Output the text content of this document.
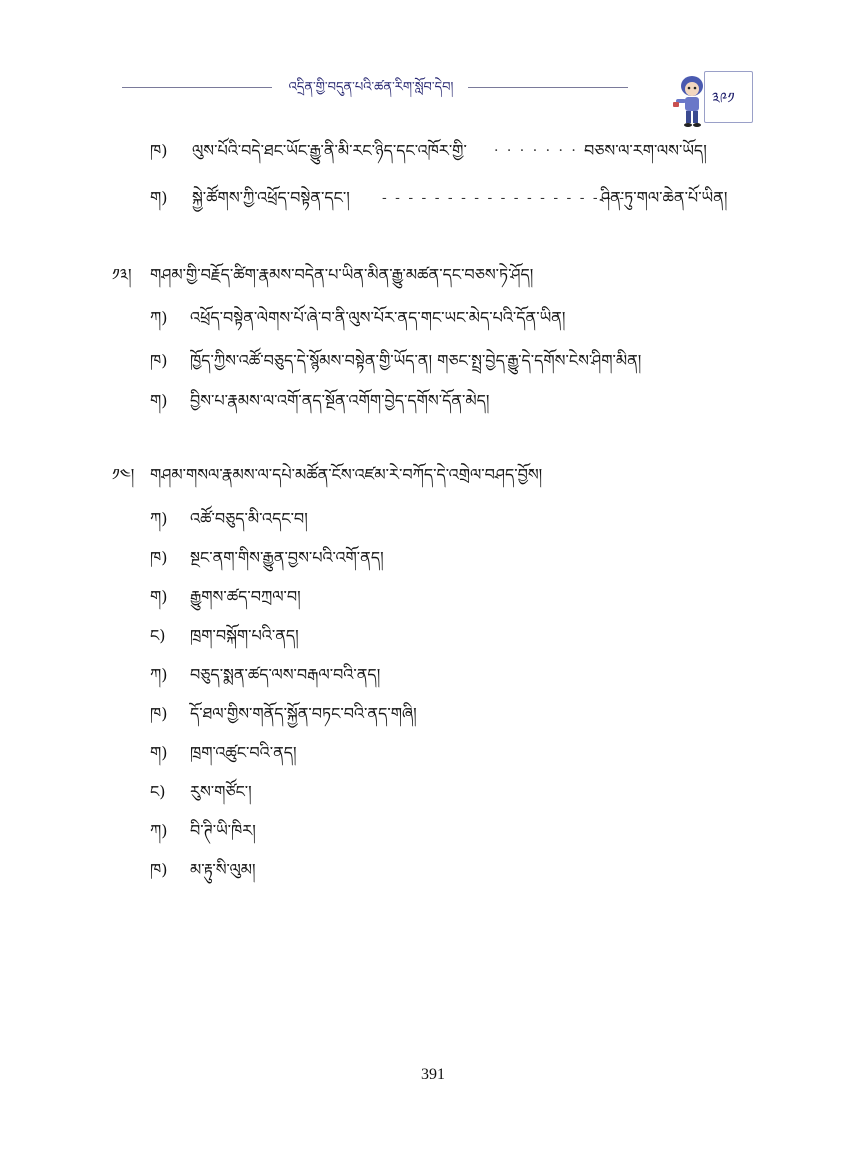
འདྲིན་གྱི་བདུན་པའི་ཚན་རིག་སློབ་དེབ།
༣༩༡
ཁ) ལུས་པོའི་བདེ་ཐང་ཡོང་རྒྱུ་ནི་མི་རང་ཉིད་དང་འཁོར་གྱི་	· · · · · · · ·
བཅས་ལ་རག་ལས་ཡོད།
ག) སྐྱེ་ཚོགས་ཀྱི་འཕྲོད་བསྟེན་དང་།	- - - - - - - - - - - - - - - - - - -
ཤིན་ཏུ་གལ་ཆེན་པོ་ཡིན།
༡༣། གཤམ་གྱི་བརྗོད་ཚིག་རྣམས་བདེན་པ་ཡིན་མིན་རྒྱུ་མཚན་དང་བཅས་ཏེ་ཤོད།
ཀ) འཕྲོད་བསྟེན་ལེགས་པོ་ཞེ་བ་ནི་ལུས་པོར་ནད་གང་ཡང་མེད་པའི་དོན་ཡིན།
ཁ) ཁྱོད་ཀྱིས་འཚོ་བཅུད་དེ་སྙོམས་བསྟེན་གྱི་ཡོད་ན། གཅང་སྤྲ་བྱེད་རྒྱུ་དེ་དགོས་ངེས་ཤིག་མིན།
ག) བྱིས་པ་རྣམས་ལ་འགོ་ནད་སྔོན་འགོག་བྱེད་དགོས་དོན་མེད།
༡༤། གཤམ་གསལ་རྣམས་ལ་དཔེ་མཚོན་ངོས་འཛམ་རེ་བཀོད་དེ་འགྲེལ་བཤད་བྱོས།
ཀ) འཚོ་བཅུད་མི་འདང་བ།
ཁ) སྔང་ནག་གིས་རྒྱུན་བྱས་པའི་འགོ་ནད།
ག) རྒྱུགས་ཚད་བཀྲལ་བ།
ང) ཁྲག་བསྐོག་པའི་ནད།
ཀ) བཅུད་སྨན་ཚད་ལས་བརྒལ་བའི་ནད།
ཁ) དོ་ཐལ་གྱིས་གནོད་སྐྱོན་བཏང་བའི་ནད་གཞི།
ག) ཁྲག་འཚུང་བའི་ནད།
ང) རུས་གཙོང་།
ཀ) བི་ཊི་ཡི་ཁིར།
ཁ) མ་རྟུ་སི་ལུམ།
391
